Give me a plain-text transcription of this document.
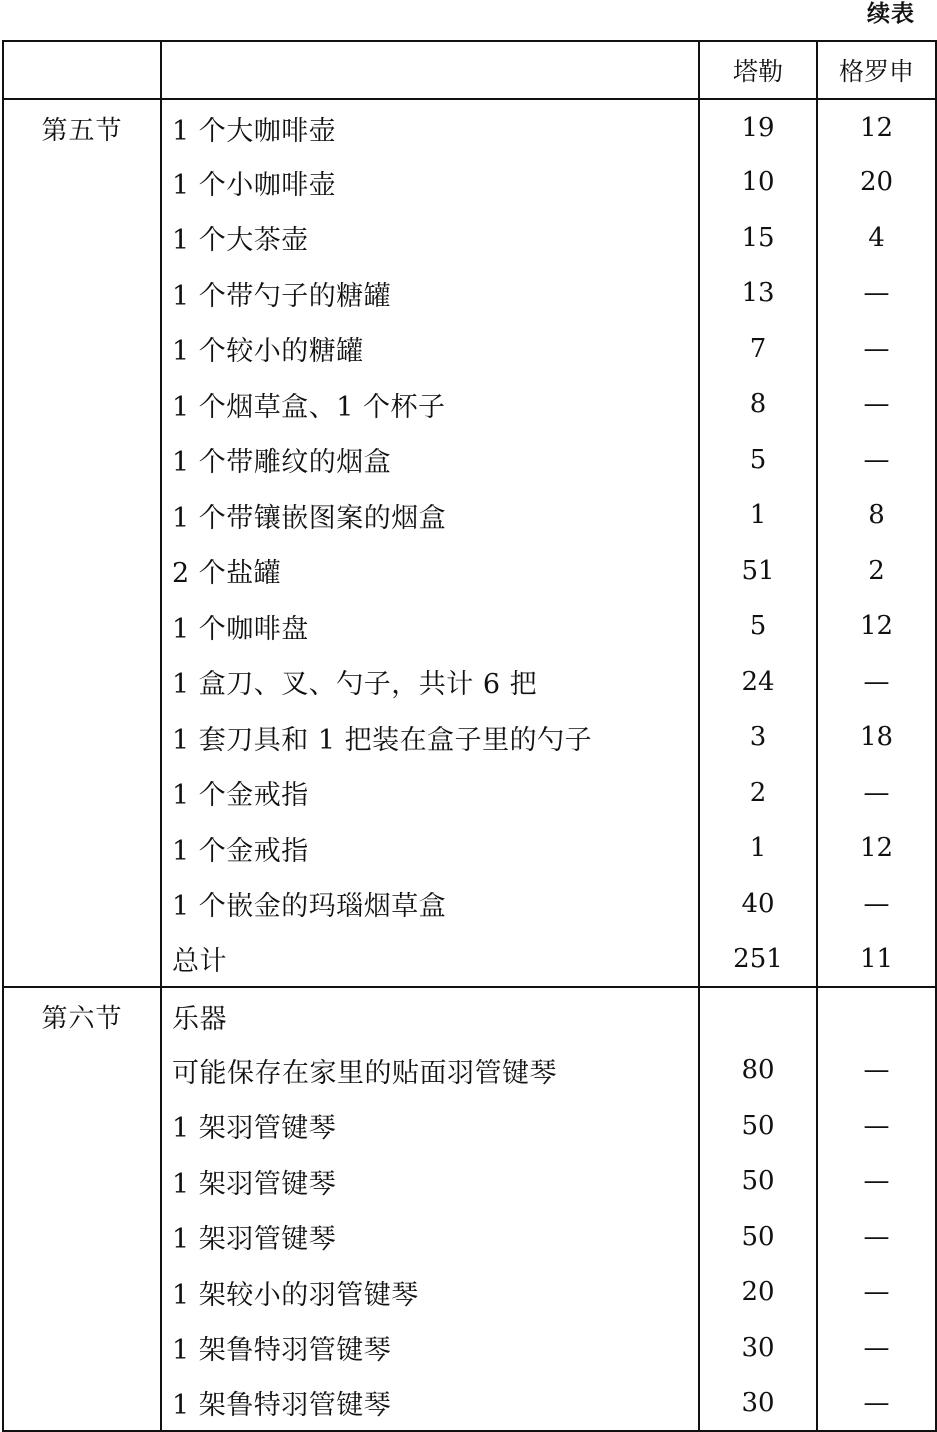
续表
		塔勒	格罗申
第五节	1 个大咖啡壶	19	12
	1 个小咖啡壶	10	20
	1 个大茶壶	15	4
	1 个带勺子的糖罐	13	—
	1 个较小的糖罐	7	—
	1 个烟草盒、1 个杯子	8	—
	1 个带雕纹的烟盒	5	—
	1 个带镶嵌图案的烟盒	1	8
	2 个盐罐	51	2
	1 个咖啡盘	5	12
	1 盒刀、叉、勺子，共计 6 把	24	—
	1 套刀具和 1 把装在盒子里的勺子	3	18
	1 个金戒指	2	—
	1 个金戒指	1	12
	1 个嵌金的玛瑙烟草盒	40	—
	总计	251	11
第六节	乐器		
	可能保存在家里的贴面羽管键琴	80	—
	1 架羽管键琴	50	—
	1 架羽管键琴	50	—
	1 架羽管键琴	50	—
	1 架较小的羽管键琴	20	—
	1 架鲁特羽管键琴	30	—
	1 架鲁特羽管键琴	30	—
